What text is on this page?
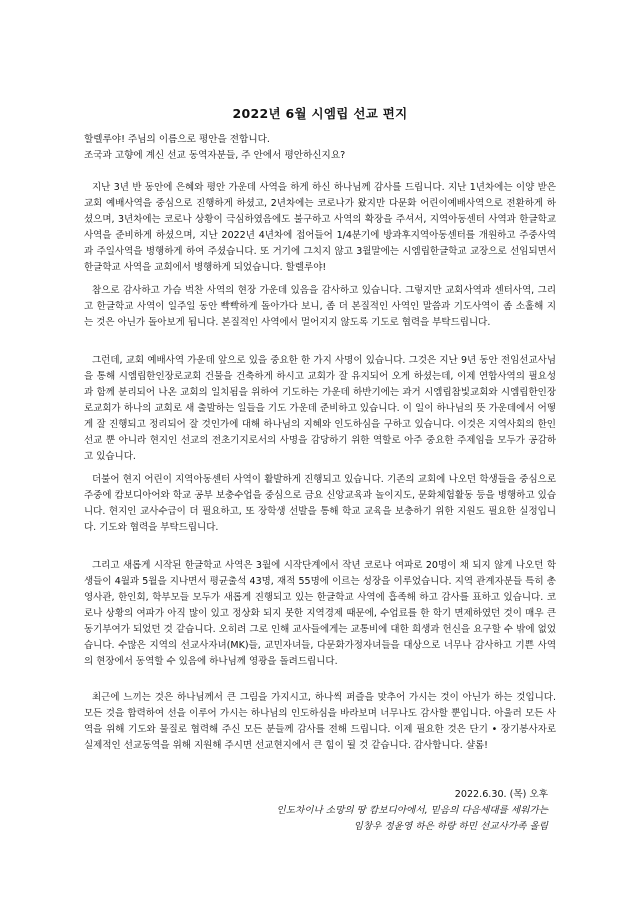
2022년 6월 시엠립 선교 편지
할렐루야! 주님의 이름으로 평안을 전합니다.
조국과 고향에 계신 선교 동역자분들, 주 안에서 평안하신지요?

지난 3년 반 동안에 은혜와 평안 가운데 사역을 하게 하신 하나님께 감사를 드립니다. 지난 1년차에는 이양 받은 교회 예배사역을 중심으로 진행하게 하셨고, 2년차에는 코로나가 왔지만 다문화 어린이예배사역으로 전환하게 하셨으며, 3년차에는 코로나 상황이 극심하였음에도 불구하고 사역의 확장을 주셔서, 지역아동센터 사역과 한글학교 사역을 준비하게 하셨으며, 지난 2022년 4년차에 접어들어 1/4분기에 방과후지역아동센터를 개원하고 주중사역과 주일사역을 병행하게 하여 주셨습니다. 또 거기에 그치지 않고 3월말에는 시엠립한글학교 교장으로 선임되면서 한글학교 사역을 교회에서 병행하게 되었습니다. 할렐루야!

참으로 감사하고 가슴 벅찬 사역의 현장 가운데 있음을 감사하고 있습니다. 그렇지만 교회사역과 센터사역, 그리고 한글학교 사역이 일주일 동안 빡빡하게 돌아가다 보니, 좀 더 본질적인 사역인 말씀과 기도사역이 좀 소홀해 지는 것은 아닌가 돌아보게 됩니다. 본질적인 사역에서 멀어지지 않도록 기도로 협력을 부탁드립니다.

그런데, 교회 예배사역 가운데 앞으로 있을 중요한 한 가지 사명이 있습니다. 그것은 지난 9년 동안 전임선교사님을 통해 시엠립한인장로교회 건물을 건축하게 하시고 교회가 잘 유지되어 오게 하셨는데, 이제 연합사역의 필요성과 함께 분리되어 나온 교회의 일치됨을 위하여 기도하는 가운데 하반기에는 과거 시엠립참빛교회와 시엠립한인장로교회가 하나의 교회로 새 출발하는 일들을 기도 가운데 준비하고 있습니다. 이 일이 하나님의 뜻 가운데에서 어떻게 잘 진행되고 정리되어 잘 것인가에 대해 하나님의 지혜와 인도하심을 구하고 있습니다. 이것은 지역사회의 한인선교 뿐 아니라 현지인 선교의 전초기지로서의 사명을 감당하기 위한 역할로 아주 중요한 주제임을 모두가 공감하고 있습니다.

더불어 현지 어린이 지역아동센터 사역이 활발하게 진행되고 있습니다. 기존의 교회에 나오던 학생들을 중심으로 주중에 캄보디아어와 학교 공부 보충수업을 중심으로 금요 신앙교육과 놀이지도, 문화체험활동 등을 병행하고 있습니다. 현지인 교사수급이 더 필요하고, 또 장학생 선발을 통해 학교 교육을 보충하기 위한 지원도 필요한 실정입니다. 기도와 협력을 부탁드립니다.

그리고 새롭게 시작된 한글학교 사역은 3월에 시작단계에서 작년 코로나 여파로 20명이 채 되지 않게 나오던 학생들이 4월과 5월을 지나면서 평균출석 43명, 재적 55명에 이르는 성장을 이루었습니다. 지역 관계자분들 특히 총영사관, 한인회, 학부모들 모두가 새롭게 진행되고 있는 한글학교 사역에 흡족해 하고 감사를 표하고 있습니다. 코로나 상황의 여파가 아직 많이 있고 정상화 되지 못한 지역경제 때문에, 수업료를 한 학기 면제하였던 것이 매우 큰 동기부여가 되었던 것 같습니다. 오히려 그로 인해 교사들에게는 교통비에 대한 희생과 헌신을 요구할 수 밖에 없었습니다. 수많은 지역의 선교사자녀(MK)들, 교민자녀들, 다문화가정자녀들을 대상으로 너무나 감사하고 기쁜 사역의 현장에서 동역할 수 있음에 하나님께 영광을 돌려드립니다.

최근에 느끼는 것은 하나님께서 큰 그림을 가지시고, 하나씩 퍼즐을 맞추어 가시는 것이 아닌가 하는 것입니다. 모든 것을 합력하여 선을 이루어 가시는 하나님의 인도하심을 바라보며 너무나도 감사할 뿐입니다. 아울러 모든 사역을 위해 기도와 물질로 협력해 주신 모든 분들께 감사를 전해 드립니다. 이제 필요한 것은 단기 • 장기봉사자로 실제적인 선교동역을 위해 지원해 주시면 선교현지에서 큰 힘이 될 것 같습니다. 감사합니다. 샬롬!

2022.6.30. (목) 오후
인도차이나 소망의 땅 캄보디아에서, 믿음의 다음세대를 세워가는
임창우 정윤영 하은 하랑 하민 선교사가족 올림
